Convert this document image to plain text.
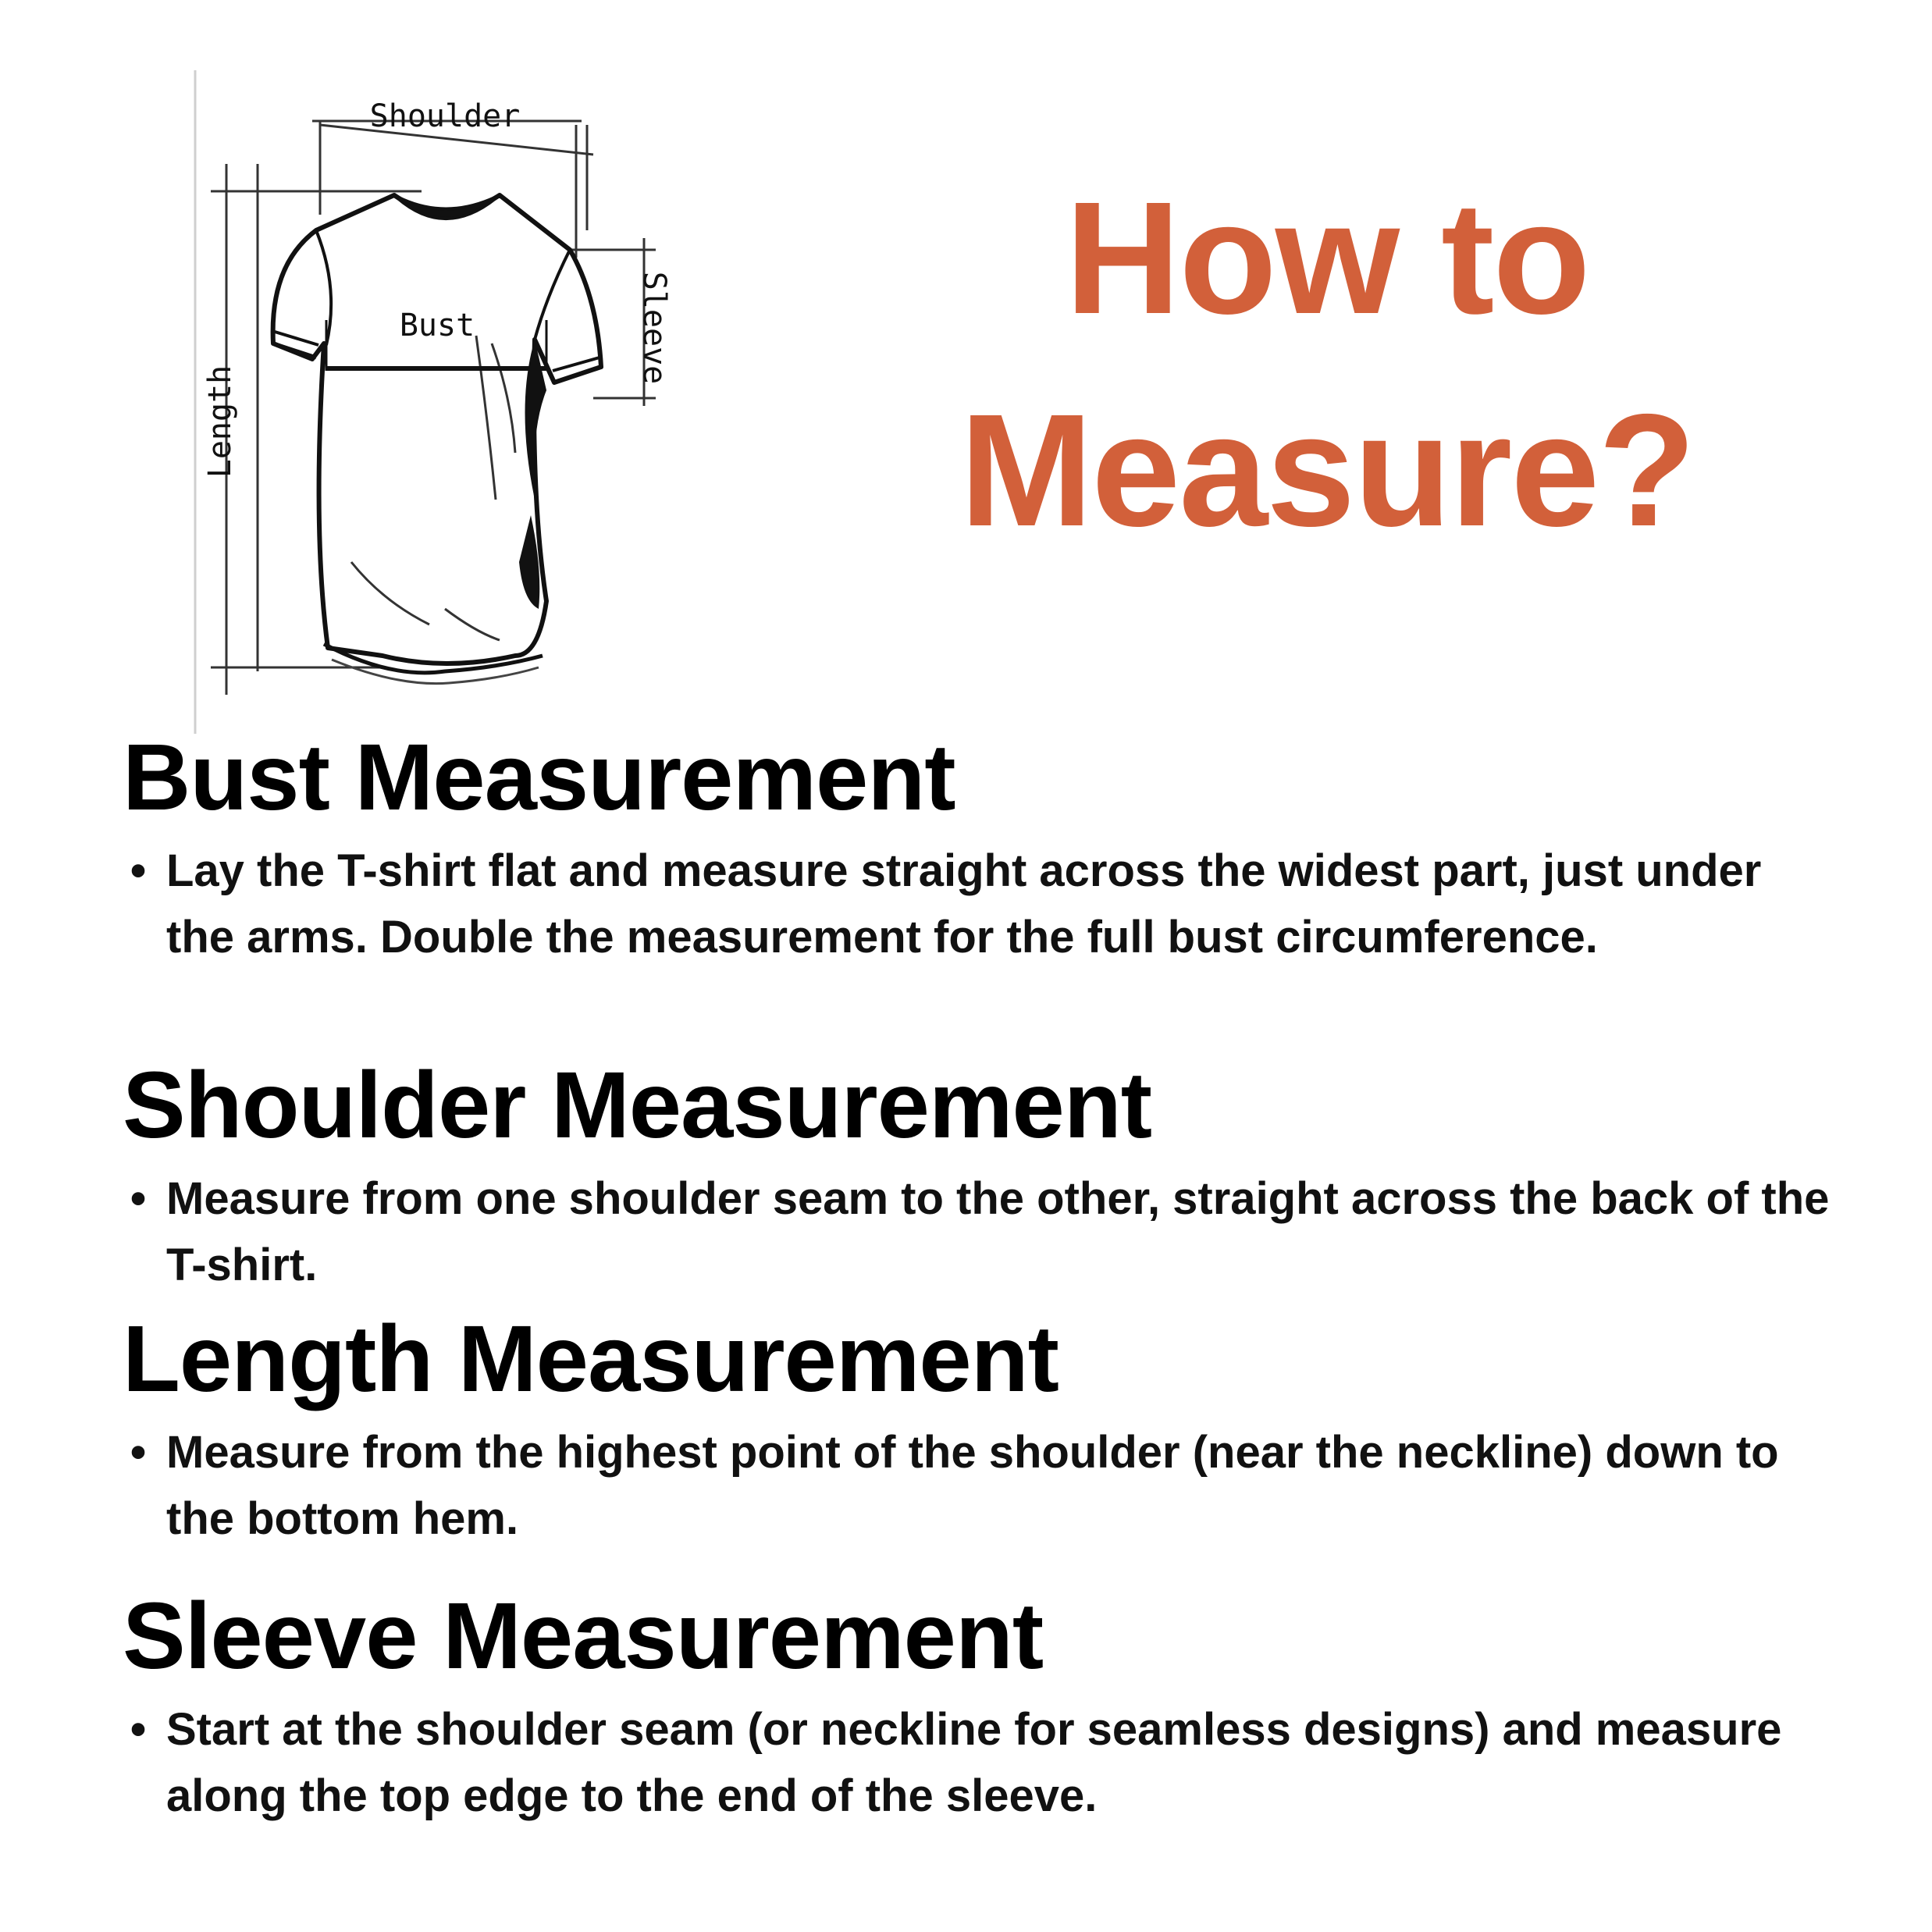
Shoulder
Bust
Length
Sleeve	How to
Measure?
Bust Measurement
• Lay the T-shirt flat and measure straight across the widest part, just under the arms. Double the measurement for the full bust circumference.
Shoulder Measurement
• Measure from one shoulder seam to the other, straight across the back of the T-shirt.
Length Measurement
• Measure from the highest point of the shoulder (near the neckline) down to the bottom hem.
Sleeve Measurement
• Start at the shoulder seam (or neckline for seamless designs) and measure along the top edge to the end of the sleeve.
